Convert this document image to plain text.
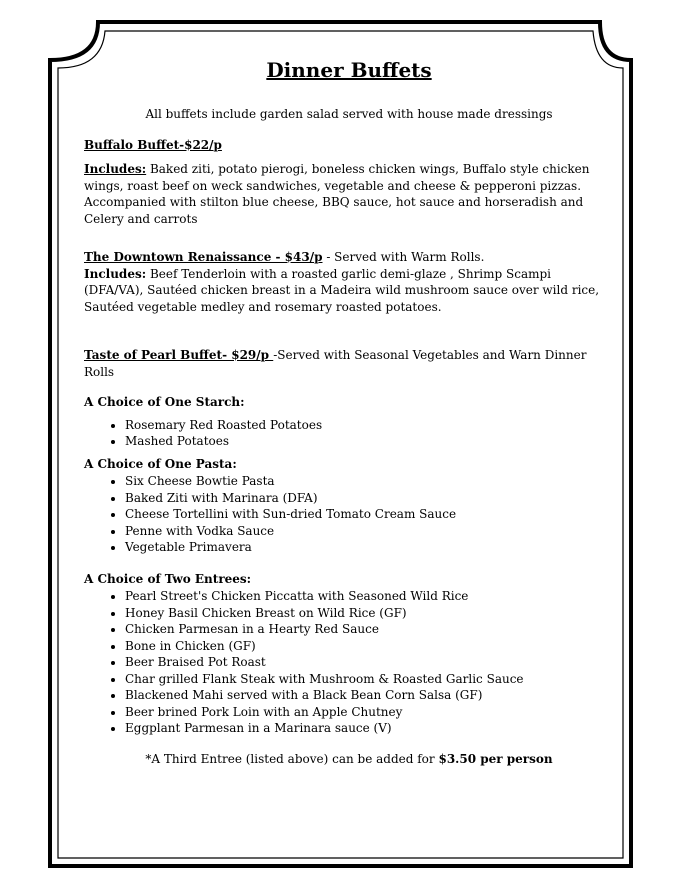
Dinner Buffets
All buffets include garden salad served with house made dressings
Buffalo Buffet-$22/p
Includes: Baked ziti, potato pierogi, boneless chicken wings, Buffalo style chicken wings, roast beef on weck sandwiches, vegetable and cheese & pepperoni pizzas. Accompanied with stilton blue cheese, BBQ sauce, hot sauce and horseradish and Celery and carrots
The Downtown Renaissance - $43/p - Served with Warm Rolls.
Includes: Beef Tenderloin with a roasted garlic demi-glaze , Shrimp Scampi (DFA/VA), Sautéed chicken breast in a Madeira wild mushroom sauce over wild rice, Sautéed vegetable medley and rosemary roasted potatoes.
Taste of Pearl Buffet- $29/p -Served with Seasonal Vegetables and Warn Dinner Rolls
A Choice of One Starch:
• Rosemary Red Roasted Potatoes
• Mashed Potatoes
A Choice of One Pasta:
• Six Cheese Bowtie Pasta
• Baked Ziti with Marinara (DFA)
• Cheese Tortellini with Sun-dried Tomato Cream Sauce
• Penne with Vodka Sauce
• Vegetable Primavera
A Choice of Two Entrees:
• Pearl Street's Chicken Piccatta with Seasoned Wild Rice
• Honey Basil Chicken Breast on Wild Rice (GF)
• Chicken Parmesan in a Hearty Red Sauce
• Bone in Chicken (GF)
• Beer Braised Pot Roast
• Char grilled Flank Steak with Mushroom & Roasted Garlic Sauce
• Blackened Mahi served with a Black Bean Corn Salsa (GF)
• Beer brined Pork Loin with an Apple Chutney
• Eggplant Parmesan in a Marinara sauce (V)
*A Third Entree (listed above) can be added for $3.50 per person
